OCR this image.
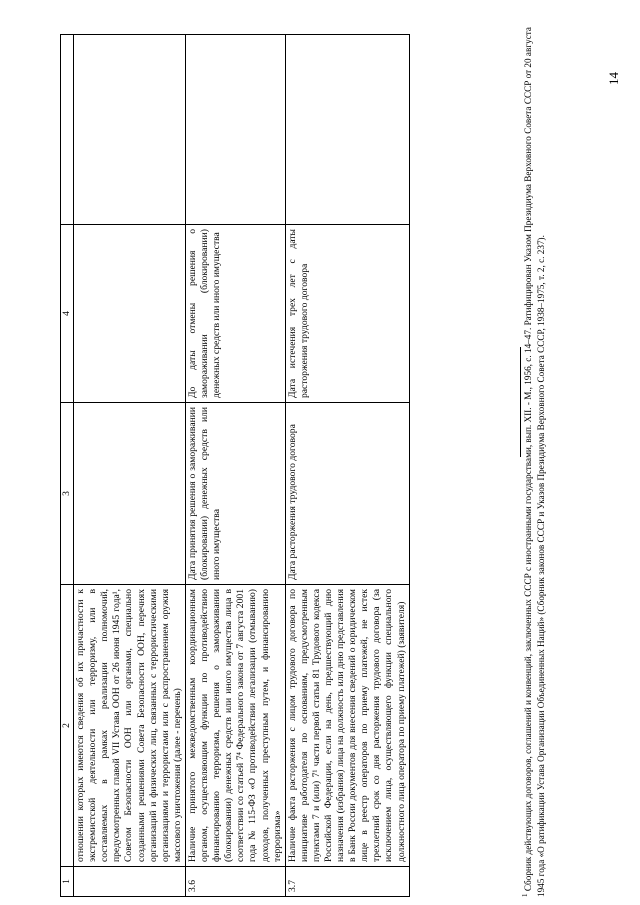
1	2	3	4	
	отношении которых имеются сведения об их причастности к экстремистской деятельности или терроризму, или в составляемых в рамках реализации полномочий, предусмотренных главой VII Устава ООН от 26 июня 1945 года¹, Советом Безопасности ООН или органами, специально созданными решениями Совета Безопасности ООН, перечнях организаций и физических лиц, связанных с террористическими организациями и террористами или с распространением оружия массового уничтожения (далее - перечень)			
3.6	Наличие принятого межведомственным координационным органом, осуществляющим функции по противодействию финансированию терроризма, решения о замораживании (блокировании) денежных средств или иного имущества лица в соответствии со статьей 7⁴ Федерального закона от 7 августа 2001 года № 115-ФЗ «О противодействии легализации (отмыванию) доходов, полученных преступным путем, и финансированию терроризма»	Дата принятия решения о замораживании (блокировании) денежных средств или иного имущества	До даты отмены решения о замораживании (блокировании) денежных средств или иного имущества	
3.7	Наличие факта расторжения с лицом трудового договора по инициативе работодателя по основаниям, предусмотренным пунктами 7 и (или) 7¹ части первой статьи 81 Трудового кодекса Российской Федерации, если на день, предшествующий дню назначения (избрания) лица на должность или дню представления в Банк России документов для внесения сведений о юридическом лице в реестр операторов по приему платежей, не истек трехлетний срок со дня расторжения трудового договора (за исключением лица, осуществляющего функции специального должностного лица оператора по приему платежей) (заявителя)	Дата расторжения трудового договора	Дата истечения трех лет с даты расторжения трудового договора	
$^1$ Сборник действующих договоров, соглашений и конвенций, заключенных СССР с иностранными государствами, вып. XII. - М., 1956, с. 14–47. Ратифицирован Указом Президиума Верховного Совета СССР от 20 августа 1945 года «О ратификации Устава Организации Объединенных Наций» (Сборник законов СССР и Указов Президиума Верховного Совета СССР, 1938–1975, т. 2, с. 237).
14
